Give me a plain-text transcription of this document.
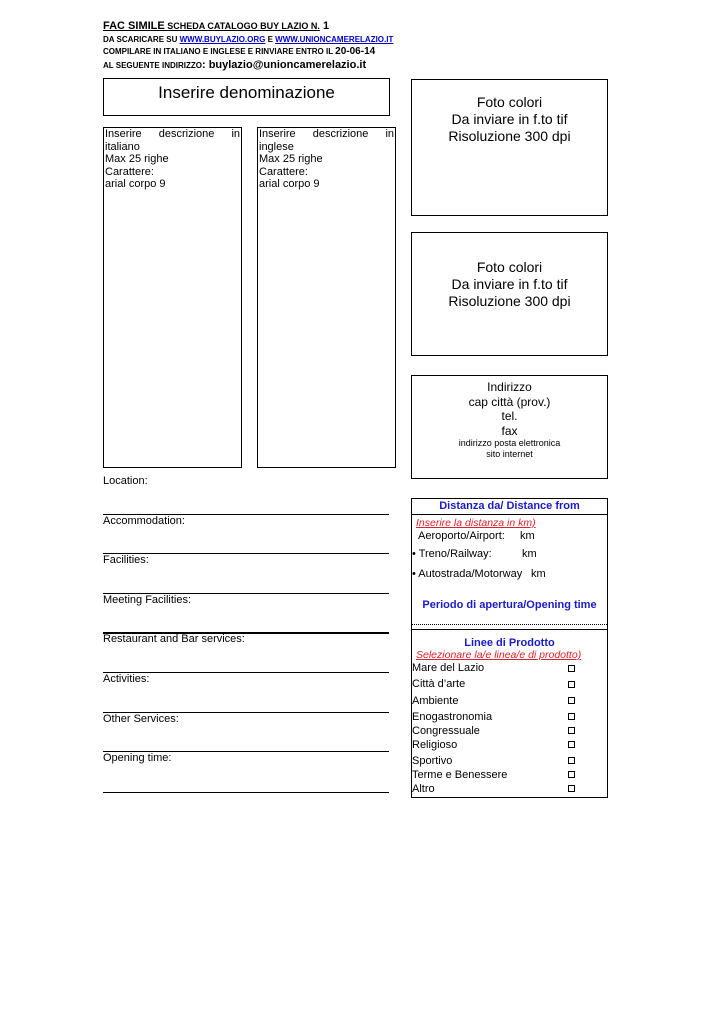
FAC SIMILE SCHEDA CATALOGO BUY LAZIO N. 1
DA SCARICARE SU WWW.BUYLAZIO.ORG E WWW.UNIONCAMERELAZIO.IT
COMPILARE IN ITALIANO E INGLESE E RINVIARE ENTRO IL 20-06-14
AL SEGUENTE INDIRIZZO: buylazio@unioncamerelazio.it
Inserire denominazione
Inserire descrizione in
italiano
Max 25 righe
Carattere:
arial corpo 9
Inserire descrizione in
inglese
Max 25 righe
Carattere:
arial corpo 9
Foto colori
Da inviare in f.to tif
Risoluzione 300 dpi
Foto colori
Da inviare in f.to tif
Risoluzione 300 dpi
Indirizzo
cap città (prov.)
tel.
fax
indirizzo posta elettronica
sito internet
Location:
Accommodation:
Facilities:
Meeting Facilities:
Restaurant and Bar services:
Activities:
Other Services:
Opening time:
Distanza da/ Distance from
Inserire la distanza in km)
Aeroporto/Airport: km
• Treno/Railway:	km
• Autostrada/Motorway km
Periodo di apertura/Opening time
Linee di Prodotto
Selezionare la/e linea/e di prodotto)
Mare del Lazio
Città d’arte
Ambiente
Enogastronomia
Congressuale
Religioso
Sportivo
Terme e Benessere
Altro
